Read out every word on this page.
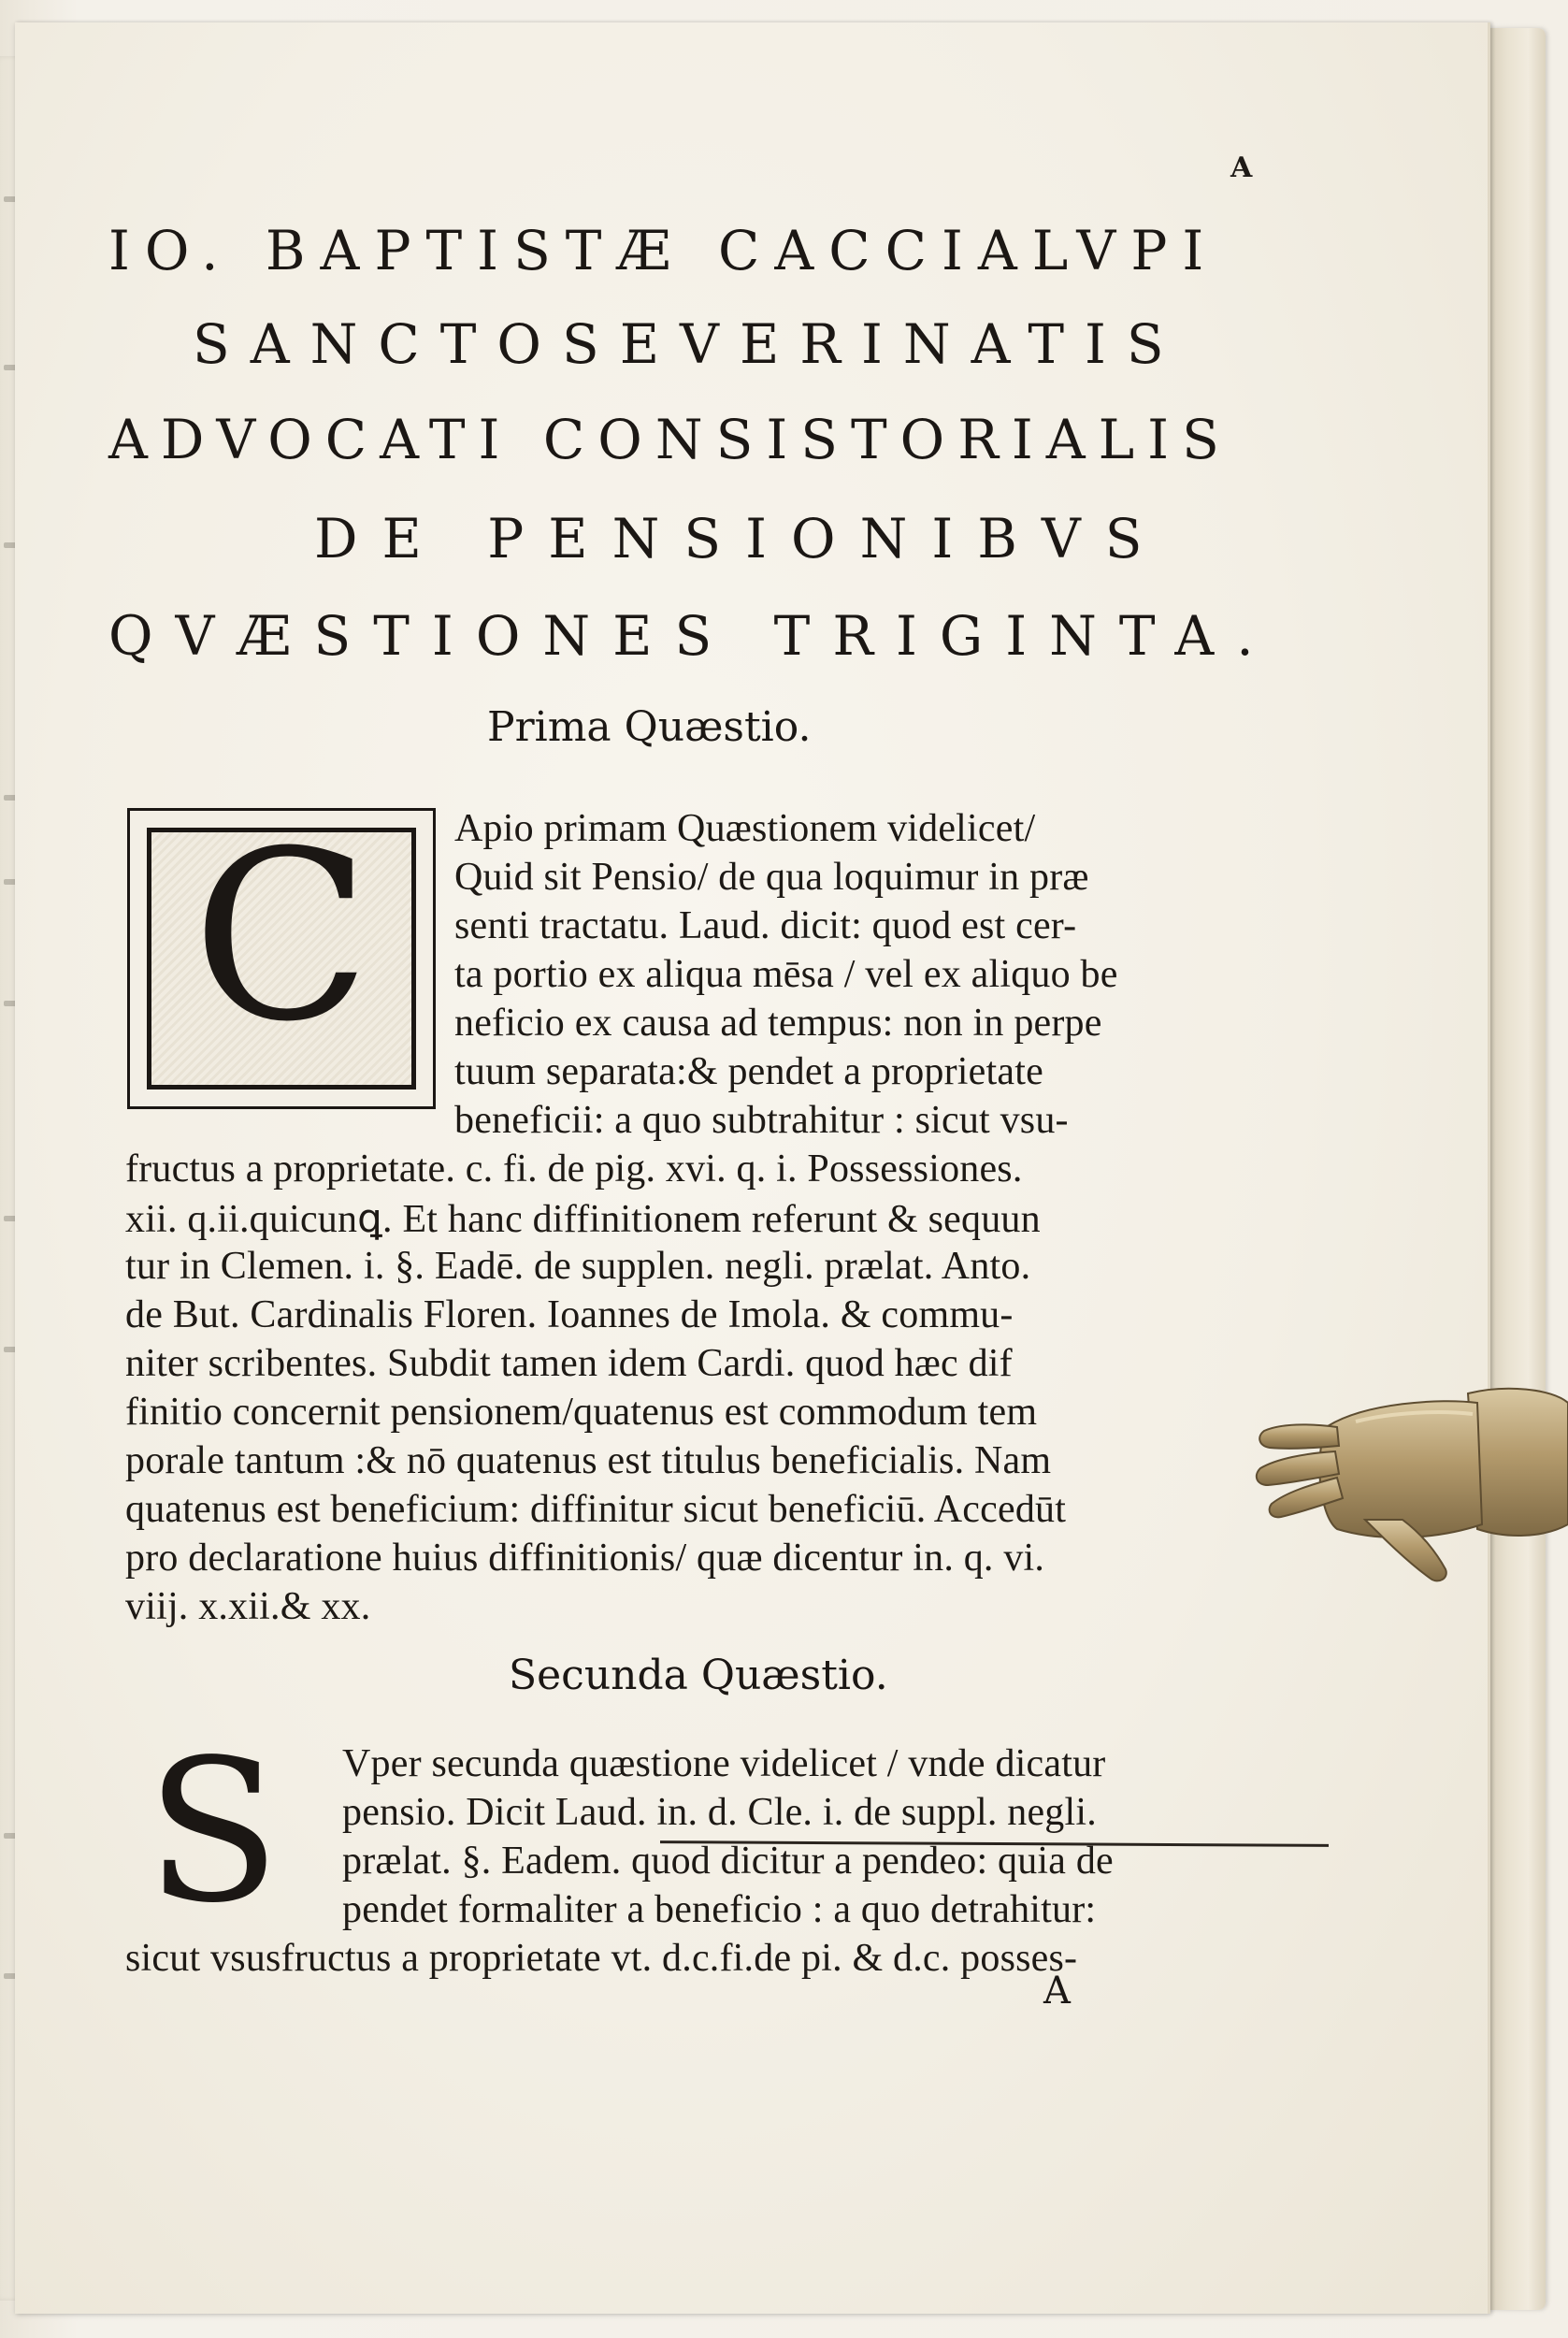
A
IO. BAPTISTÆ CACCIALVPI
SANCTOSEVERINATIS
ADVOCATI CONSISTORIALIS
DE PENSIONIBVS
QVÆSTIONES TRIGINTA.
Prima Quæstio.
C	Apio primam Quæstionem videlicet/
Quid sit Pensio/ de qua loquimur in præ
senti tractatu. Laud. dicit: quod est cer-
ta portio ex aliqua mēsa / vel ex aliquo be
neficio ex causa ad tempus: non in perpe
tuum separata:& pendet a proprietate
beneficii: a quo subtrahitur : sicut vsu-
fructus a proprietate. c. fi. de pig. xvi. q. i. Possessiones.
xii. q.ii.quicunꝗ. Et hanc diffinitionem referunt & sequun
tur in Clemen. i. §. Eadē. de supplen. negli. prælat. Anto.
de But. Cardinalis Floren. Ioannes de Imola. & commu-
niter scribentes. Subdit tamen idem Cardi. quod hæc dif
finitio concernit pensionem/quatenus est commodum tem
porale tantum :& nō quatenus est titulus beneficialis. Nam
quatenus est beneficium: diffinitur sicut beneficiū. Accedūt
pro declaratione huius diffinitionis/ quæ dicentur in. q. vi.
viij. x.xii.& xx.
Secunda Quæstio.
S Vper secunda quæstione videlicet / vnde dicatur
pensio. Dicit Laud. in. d. Cle. i. de suppl. negli.
prælat. §. Eadem. quod dicitur a pendeo: quia de
pendet formaliter a beneficio : a quo detrahitur:
sicut vsusfructus a proprietate vt. d.c.fi.de pi. & d.c. posses-
A
